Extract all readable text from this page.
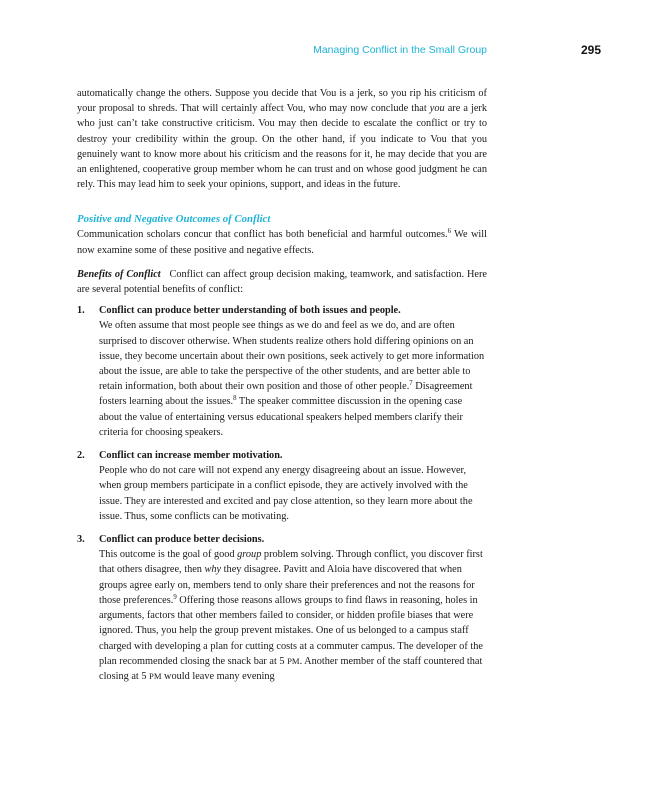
Managing Conflict in the Small Group	295

automatically change the others. Suppose you decide that Vou is a jerk, so you rip his criticism of your proposal to shreds. That will certainly affect Vou, who may now conclude that you are a jerk who just can’t take constructive criticism. Vou may then decide to escalate the conflict or try to destroy your credibility within the group. On the other hand, if you indicate to Vou that you genuinely want to know more about his criticism and the reasons for it, he may decide that you are an enlightened, cooperative group member whom he can trust and on whose good judgment he can rely. This may lead him to seek your opinions, support, and ideas in the future.

Positive and Negative Outcomes of Conflict

Communication scholars concur that conflict has both beneficial and harmful outcomes.$^6$ We will now examine some of these positive and negative effects.

Benefits of Conflict Conflict can affect group decision making, teamwork, and satisfaction. Here are several potential benefits of conflict:

1. Conflict can produce better understanding of both issues and people.
We often assume that most people see things as we do and feel as we do, and are often surprised to discover otherwise. When students realize others hold differing opinions on an issue, they become uncertain about their own positions, seek actively to get more information about the issue, are able to take the perspective of the other students, and are better able to retain information, both about their own position and those of other people.$^7$ Disagreement fosters learning about the issues.$^8$ The speaker committee discussion in the opening case about the value of entertaining versus educational speakers helped members clarify their criteria for choosing speakers.
2. Conflict can increase member motivation.
People who do not care will not expend any energy disagreeing about an issue. However, when group members participate in a conflict episode, they are actively involved with the issue. They are interested and excited and pay close attention, so they learn more about the issue. Thus, some conflicts can be motivating.
3. Conflict can produce better decisions.
This outcome is the goal of good group problem solving. Through conflict, you discover first that others disagree, then why they disagree. Pavitt and Aloia have discovered that when groups agree early on, members tend to only share their preferences and not the reasons for those preferences.$^9$ Offering those reasons allows groups to find flaws in reasoning, holes in arguments, factors that other members failed to consider, or hidden profile biases that were ignored. Thus, you help the group prevent mistakes. One of us belonged to a campus staff charged with developing a plan for cutting costs at a commuter campus. The developer of the plan recommended closing the snack bar at 5 PM. Another member of the staff countered that closing at 5 PM would leave many evening
